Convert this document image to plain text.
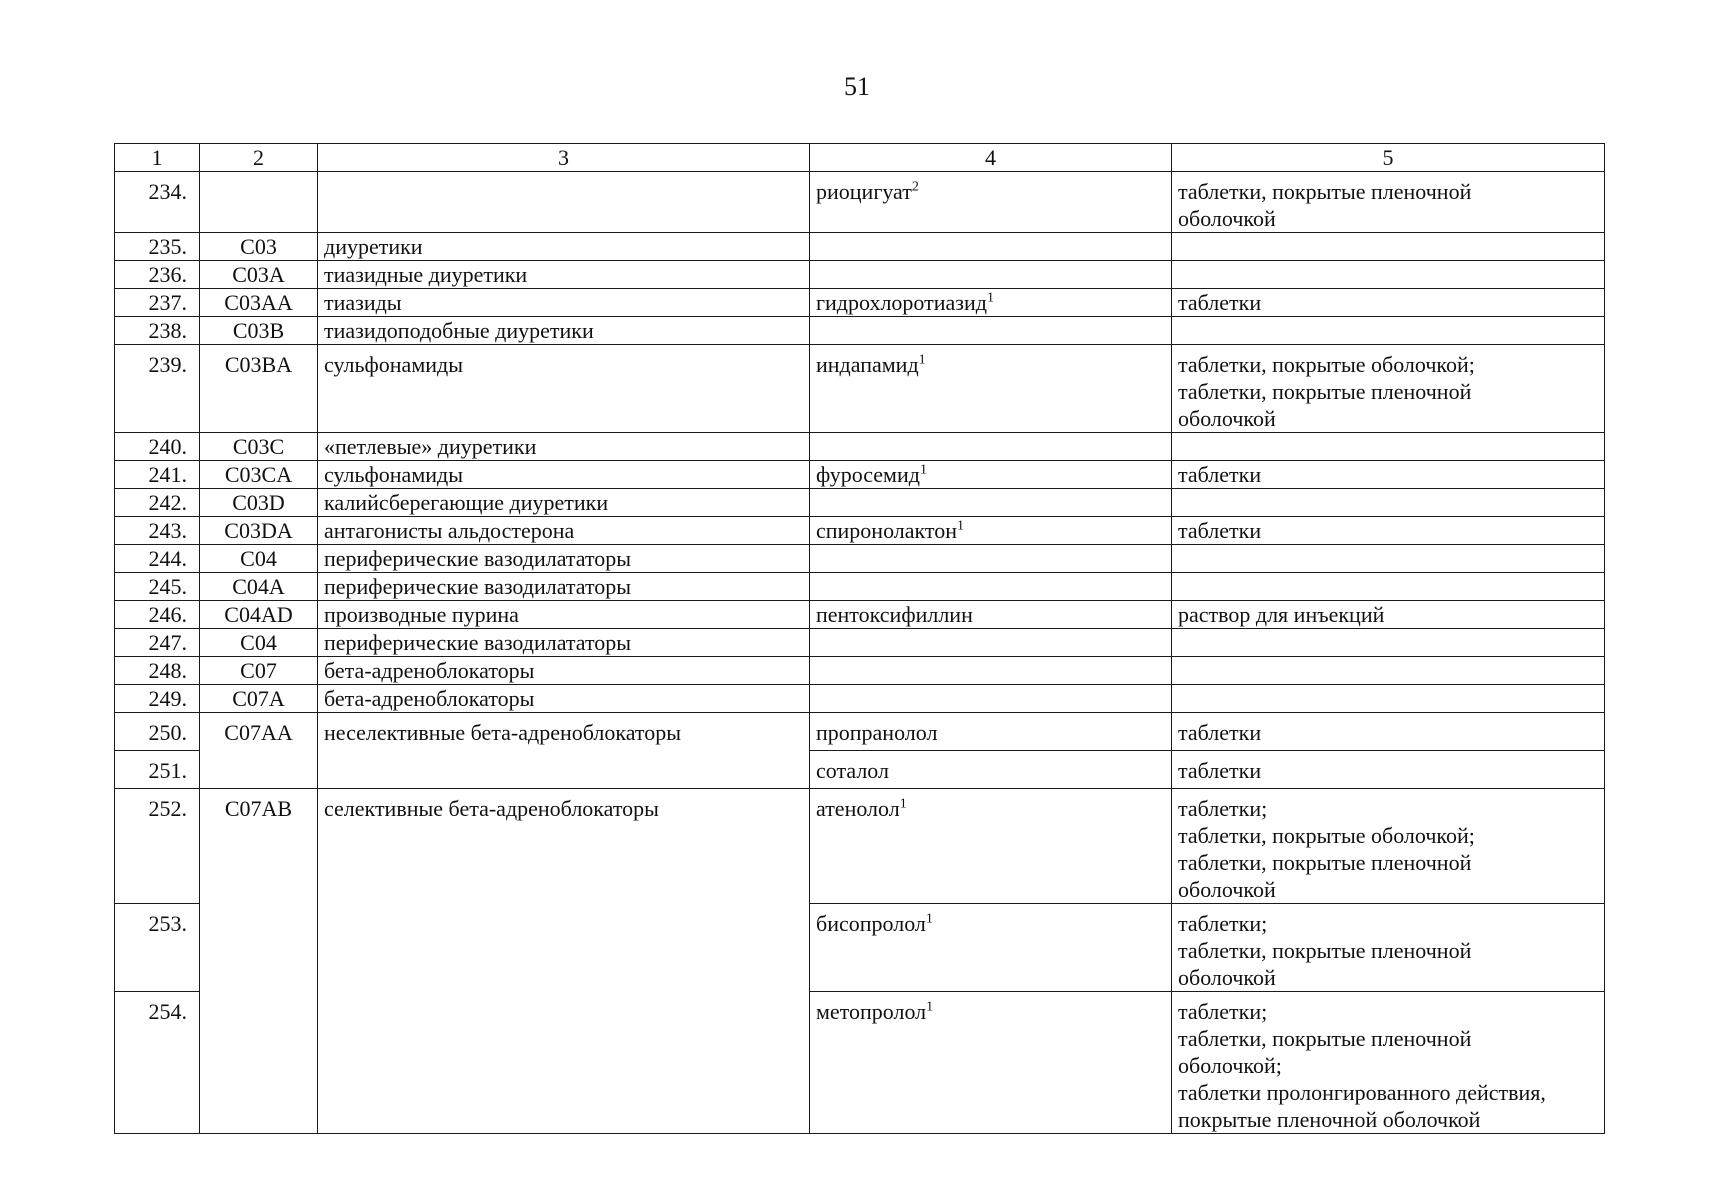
51
1	2	3	4	5
234.			риоцигуат$^2$	таблетки, покрытые пленочной
оболочкой

235.	C03	диуретики		
236.	C03A	тиазидные диуретики		
237.	C03AA	тиазиды	гидрохлоротиазид$^1$	таблетки

238.	C03B	тиазидоподобные диуретики		
239.	C03BA	сульфонамиды	индапамид$^1$	таблетки, покрытые оболочкой;
таблетки, покрытые пленочной
оболочкой

240.	C03C	«петлевые» диуретики		
241.	C03CA	сульфонамиды	фуросемид$^1$	таблетки

242.	C03D	калийсберегающие диуретики		
243.	C03DA	антагонисты альдостерона	спиронолактон$^1$	таблетки

244.	C04	периферические вазодилататоры		
245.	C04A	периферические вазодилататоры		
246.	C04AD	производные пурина	пентоксифиллин	раствор для инъекций

247.	C04	периферические вазодилататоры		
248.	C07	бета-адреноблокаторы		
249.	C07A	бета-адреноблокаторы		
250.	C07AA	неселективные бета-адреноблокаторы	пропранолол	таблетки

251.			соталол	таблетки

252.	C07AB	селективные бета-адреноблокаторы	атенолол$^1$	таблетки;
таблетки, покрытые оболочкой;
таблетки, покрытые пленочной
оболочкой

253.			бисопролол$^1$	таблетки;
таблетки, покрытые пленочной
оболочкой

254.			метопролол$^1$	таблетки;
таблетки, покрытые пленочной
оболочкой;
таблетки пролонгированного действия,
покрытые пленочной оболочкой
